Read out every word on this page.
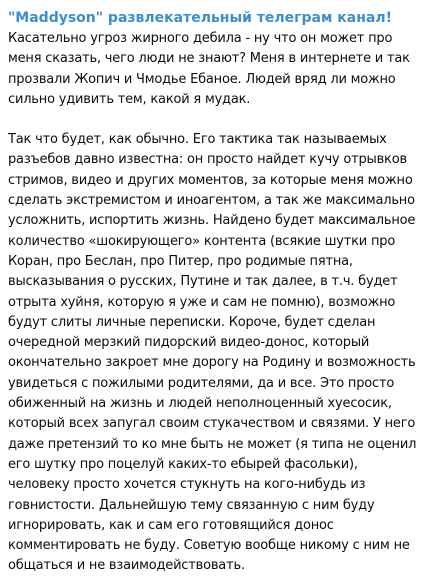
"Maddyson" развлекательный телеграм канал!

Касательно угроз жирного дебила - ну что он может про меня сказать, чего люди не знают? Меня в интернете и так прозвали Жопич и Чмодье Ебаное. Людей вряд ли можно сильно удивить тем, какой я мудак.

Так что будет, как обычно. Его тактика так называемых разъебов давно известна: он просто найдет кучу отрывков стримов, видео и других моментов, за которые меня можно сделать экстремистом и иноагентом, а так же максимально усложнить, испортить жизнь. Найдено будет максимальное количество «шокирующего» контента (всякие шутки про Коран, про Беслан, про Питер, про родимые пятна, высказывания о русских, Путине и так далее, в т.ч. будет отрыта хуйня, которую я уже и сам не помню), возможно будут слиты личные переписки. Короче, будет сделан очередной мерзкий пидорский видео-донос, который окончательно закроет мне дорогу на Родину и возможность увидеться с пожилыми родителями, да и все. Это просто обиженный на жизнь и людей неполноценный хуесосик, который всех запугал своим стукачеством и связями. У него даже претензий то ко мне быть не может (я типа не оценил его шутку про поцелуй каких-то ебырей фасольки), человеку просто хочется стукнуть на кого-нибудь из говнистости. Дальнейшую тему связанную с ним буду игнорировать, как и сам его готовящийся донос комментировать не буду. Советую вообще никому с ним не общаться и не взаимодействовать.
